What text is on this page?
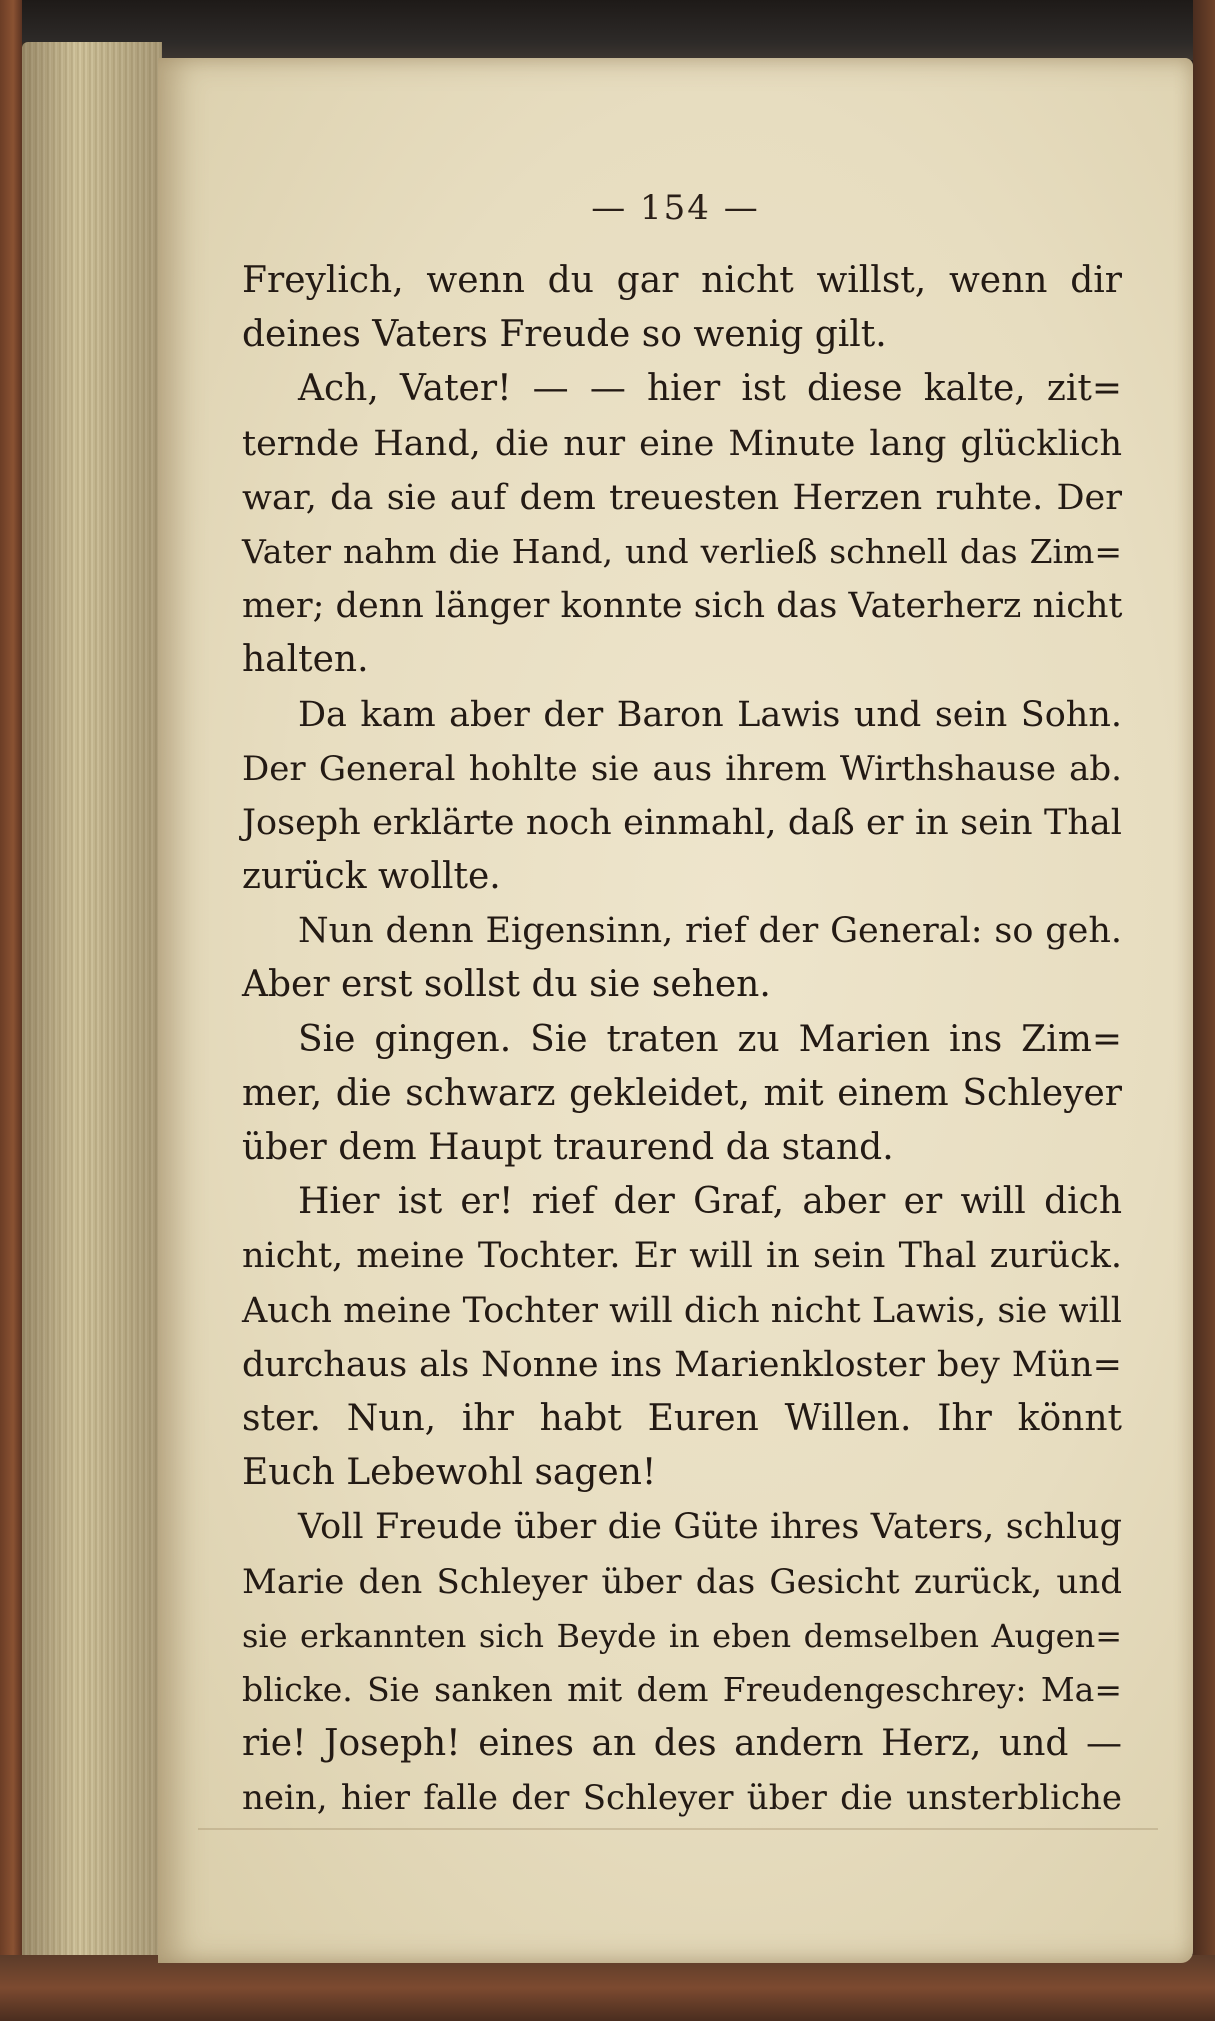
— 154 —
Freylich, wenn du gar nicht willst, wenn dir
deines Vaters Freude so wenig gilt.
Ach, Vater! — — hier ist diese kalte, zit=
ternde Hand, die nur eine Minute lang glücklich
war, da sie auf dem treuesten Herzen ruhte. Der
Vater nahm die Hand, und verließ schnell das Zim=
mer; denn länger konnte sich das Vaterherz nicht
halten.
Da kam aber der Baron Lawis und sein Sohn.
Der General hohlte sie aus ihrem Wirthshause ab.
Joseph erklärte noch einmahl, daß er in sein Thal
zurück wollte.
Nun denn Eigensinn, rief der General: so geh.
Aber erst sollst du sie sehen.
Sie gingen. Sie traten zu Marien ins Zim=
mer, die schwarz gekleidet, mit einem Schleyer
über dem Haupt traurend da stand.
Hier ist er! rief der Graf, aber er will dich
nicht, meine Tochter. Er will in sein Thal zurück.
Auch meine Tochter will dich nicht Lawis, sie will
durchaus als Nonne ins Marienkloster bey Mün=
ster. Nun, ihr habt Euren Willen. Ihr könnt
Euch Lebewohl sagen!
Voll Freude über die Güte ihres Vaters, schlug
Marie den Schleyer über das Gesicht zurück, und
sie erkannten sich Beyde in eben demselben Augen=
blicke. Sie sanken mit dem Freudengeschrey: Ma=
rie! Joseph! eines an des andern Herz, und —
nein, hier falle der Schleyer über die unsterbliche
